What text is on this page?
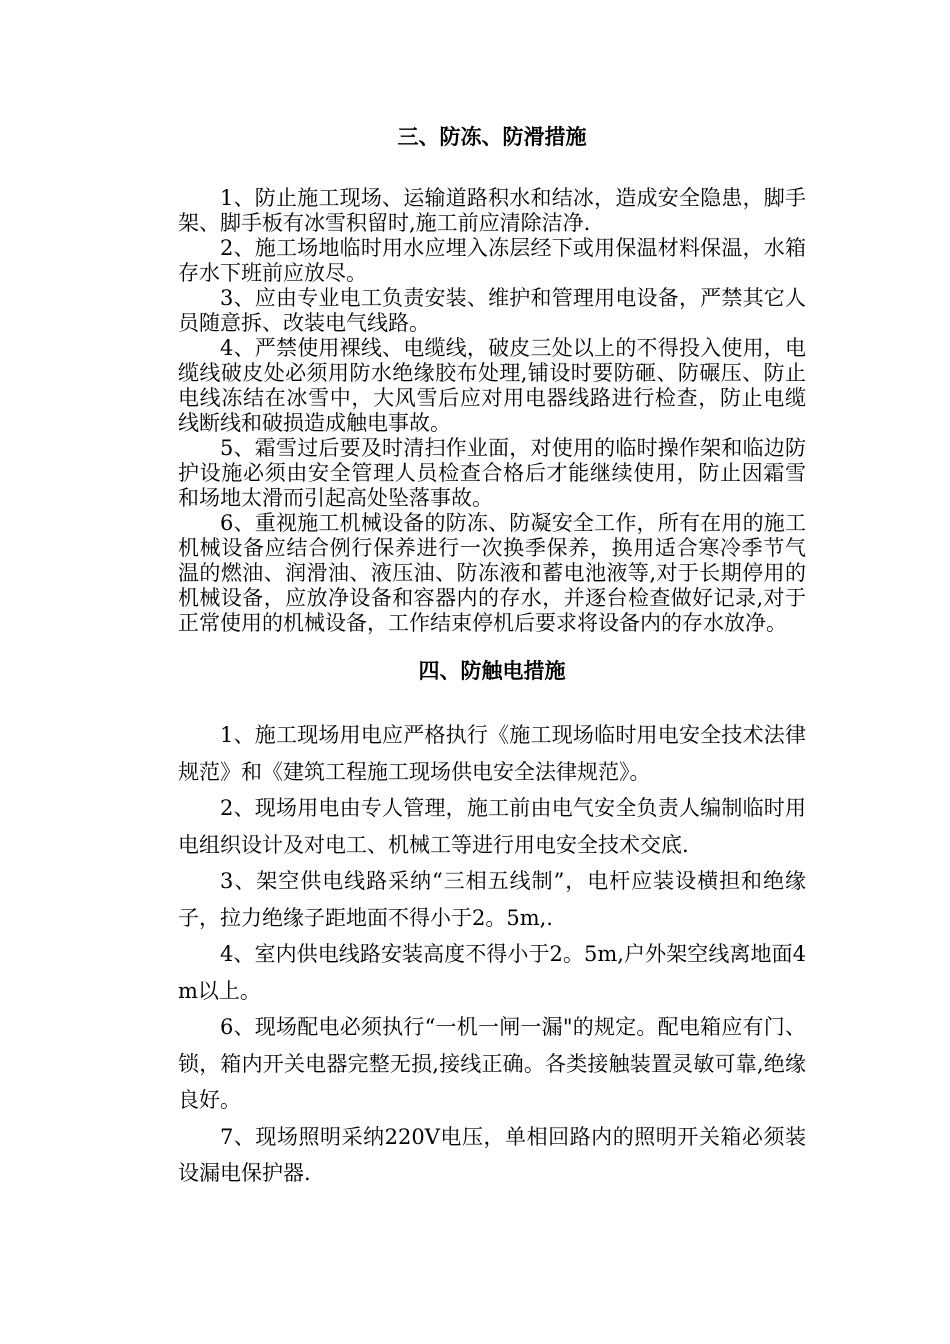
三、防冻、防滑措施

1、防止施工现场、运输道路积水和结冰，造成安全隐患，脚手架、脚手板有冰雪积留时,施工前应清除洁净.

2、施工场地临时用水应埋入冻层经下或用保温材料保温，水箱存水下班前应放尽。

3、应由专业电工负责安装、维护和管理用电设备，严禁其它人员随意拆、改装电气线路。

4、严禁使用裸线、电缆线，破皮三处以上的不得投入使用，电缆线破皮处必须用防水绝缘胶布处理,铺设时要防砸、防碾压、防止电线冻结在冰雪中，大风雪后应对用电器线路进行检查，防止电缆线断线和破损造成触电事故。

5、霜雪过后要及时清扫作业面，对使用的临时操作架和临边防护设施必须由安全管理人员检查合格后才能继续使用，防止因霜雪和场地太滑而引起高处坠落事故。

6、重视施工机械设备的防冻、防凝安全工作，所有在用的施工机械设备应结合例行保养进行一次换季保养，换用适合寒冷季节气温的燃油、润滑油、液压油、防冻液和蓄电池液等,对于长期停用的机械设备，应放净设备和容器内的存水，并逐台检查做好记录,对于正常使用的机械设备，工作结束停机后要求将设备内的存水放净。

四、防触电措施

1、施工现场用电应严格执行《施工现场临时用电安全技术法律规范》和《建筑工程施工现场供电安全法律规范》。

2、现场用电由专人管理，施工前由电气安全负责人编制临时用电组织设计及对电工、机械工等进行用电安全技术交底.

3、架空供电线路采纳“三相五线制”，电杆应装设横担和绝缘子，拉力绝缘子距地面不得小于2。5m,.

4、室内供电线路安装高度不得小于2。5m,户外架空线离地面4m以上。

6、现场配电必须执行“一机一闸一漏"的规定。配电箱应有门、锁，箱内开关电器完整无损,接线正确。各类接触装置灵敏可靠,绝缘良好。

7、现场照明采纳220V电压，单相回路内的照明开关箱必须装设漏电保护器.
